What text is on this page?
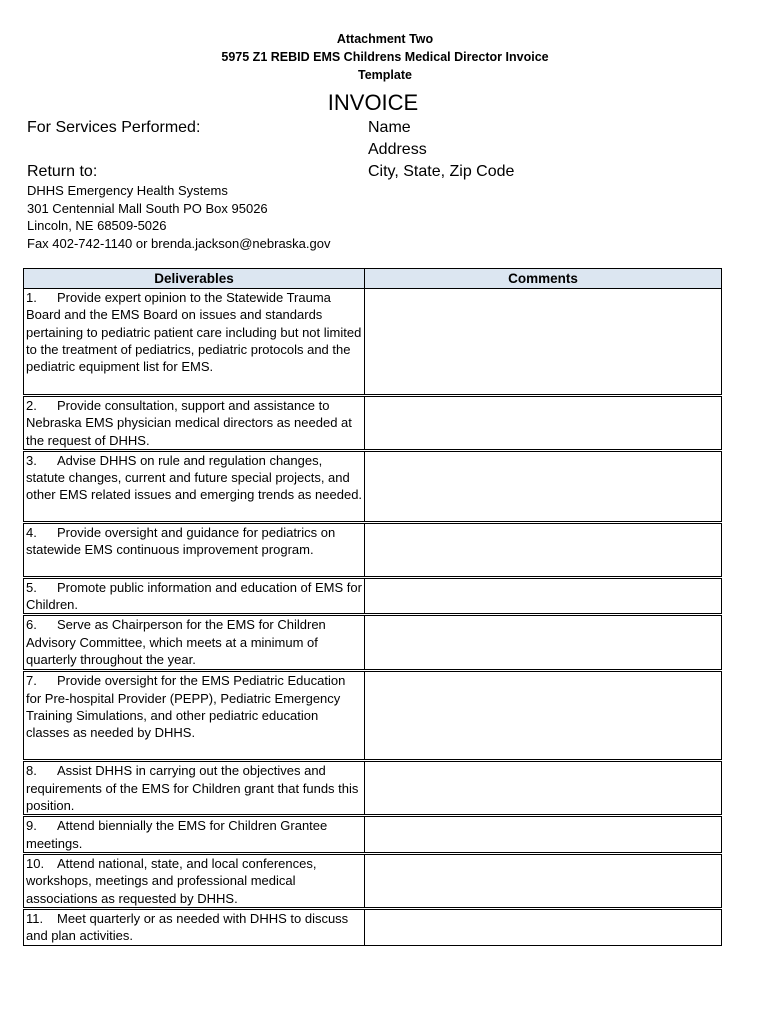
Attachment Two
5975 Z1 REBID EMS Childrens Medical Director Invoice
Template
INVOICE
For Services Performed:
Return to:
Name
Address
City, State, Zip Code
DHHS Emergency Health Systems
301 Centennial Mall South PO Box 95026
Lincoln, NE 68509-5026
Fax 402-742-1140 or brenda.jackson@nebraska.gov
Deliverables	Comments
1. Provide expert opinion to the Statewide Trauma Board and the EMS Board on issues and standards pertaining to pediatric patient care including but not limited to the treatment of pediatrics, pediatric protocols and the pediatric equipment list for EMS.	
2. Provide consultation, support and assistance to Nebraska EMS physician medical directors as needed at the request of DHHS.	
3. Advise DHHS on rule and regulation changes, statute changes, current and future special projects, and other EMS related issues and emerging trends as needed.	
4. Provide oversight and guidance for pediatrics on statewide EMS continuous improvement program.	
5. Promote public information and education of EMS for Children.	
6. Serve as Chairperson for the EMS for Children Advisory Committee, which meets at a minimum of quarterly throughout the year.	
7. Provide oversight for the EMS Pediatric Education for Pre-hospital Provider (PEPP), Pediatric Emergency Training Simulations, and other pediatric education classes as needed by DHHS.	
8. Assist DHHS in carrying out the objectives and requirements of the EMS for Children grant that funds this position.	
9. Attend biennially the EMS for Children Grantee meetings.	
10. Attend national, state, and local conferences, workshops, meetings and professional medical associations as requested by DHHS.	
11. Meet quarterly or as needed with DHHS to discuss and plan activities.	
